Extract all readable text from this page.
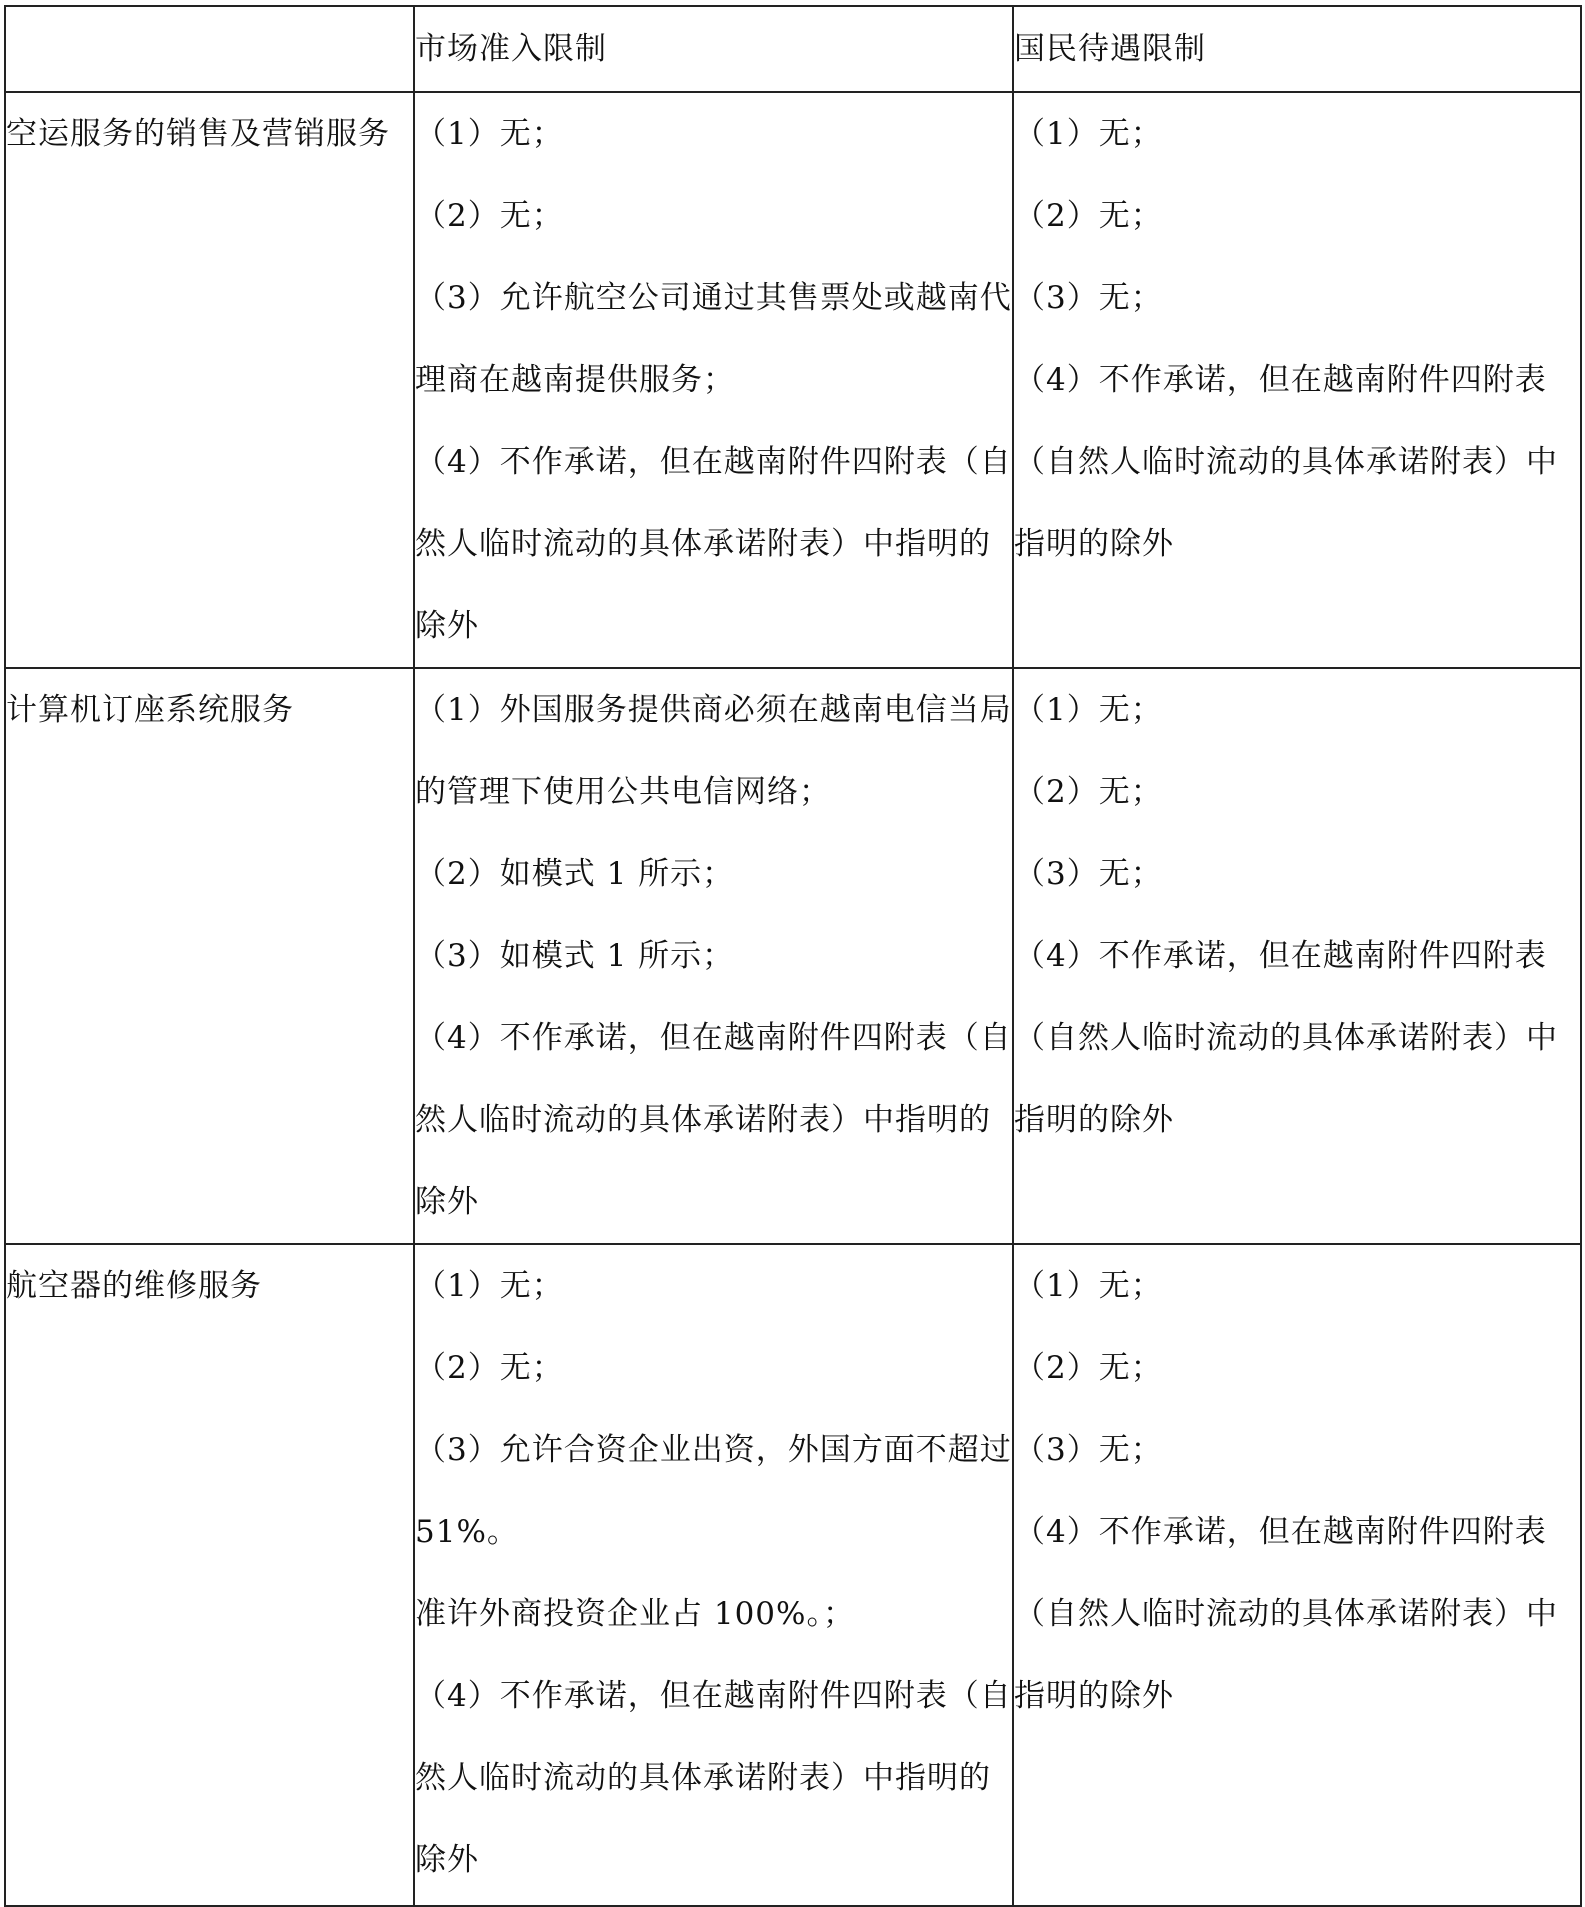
	市场准入限制	国民待遇限制

空运服务的销售及营销服务	（1）无；
（2）无；
（3）允许航空公司通过其售票处或越南代理商在越南提供服务；
（4）不作承诺，但在越南附件四附表（自然人临时流动的具体承诺附表）中指明的除外	（1）无；
（2）无；
（3）无；
（4）不作承诺，但在越南附件四附表（自然人临时流动的具体承诺附表）中指明的除外

计算机订座系统服务	（1）外国服务提供商必须在越南电信当局的管理下使用公共电信网络；
（2）如模式 1 所示；
（3）如模式 1 所示；
（4）不作承诺，但在越南附件四附表（自然人临时流动的具体承诺附表）中指明的除外	（1）无；
（2）无；
（3）无；
（4）不作承诺，但在越南附件四附表（自然人临时流动的具体承诺附表）中指明的除外

航空器的维修服务	（1）无；
（2）无；
（3）允许合资企业出资，外国方面不超过 51%。
准许外商投资企业占 100%。；
（4）不作承诺，但在越南附件四附表（自然人临时流动的具体承诺附表）中指明的除外	（1）无；
（2）无；
（3）无；
（4）不作承诺，但在越南附件四附表（自然人临时流动的具体承诺附表）中指明的除外
